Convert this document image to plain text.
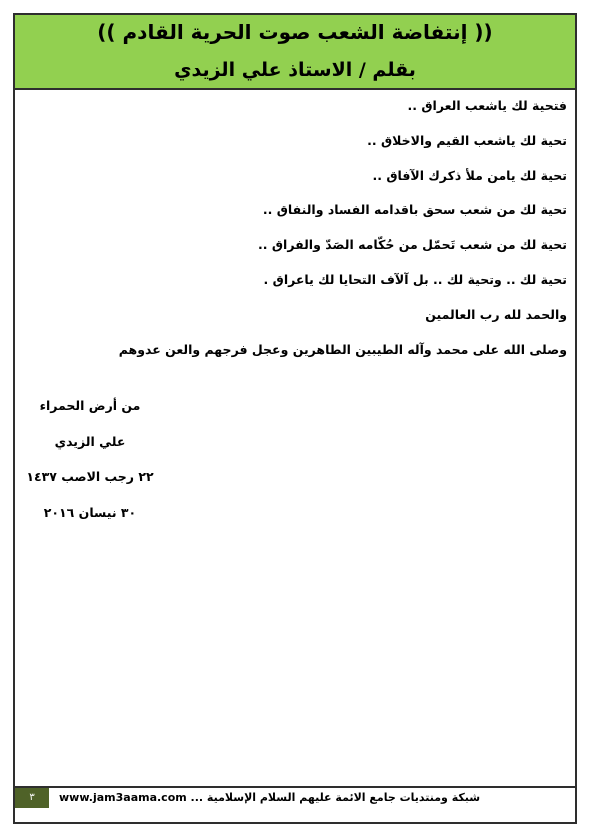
(( إنتفاضة الشعب صوت الحرية القادم ))
بقلم / الاستاذ علي الزيدي
فتحية لك ياشعب العراق ..
تحية لك ياشعب القيم والاخلاق ..
تحية لك يامن ملأ ذكرك الآفاق ..
تحية لك من شعب سحق باقدامه الفساد والنفاق ..
تحية لك من شعب تَحمّل من حُكّامه الصَدّ والفراق ..
تحية لك .. وتحية لك .. بل آلآف التحايا لك ياعراق .
والحمد لله رب العالمين
وصلى الله على محمد وآله الطيبين الطاهرين وعجل فرجهم والعن عدوهم
من أرض الحمراء
علي الزيدي
٢٢ رجب الاصب ١٤٣٧
٣٠ نيسان ٢٠١٦
٣	www.jam3aama.com ... شبكة ومنتديات جامع الائمة عليهم السلام الإسلامية
